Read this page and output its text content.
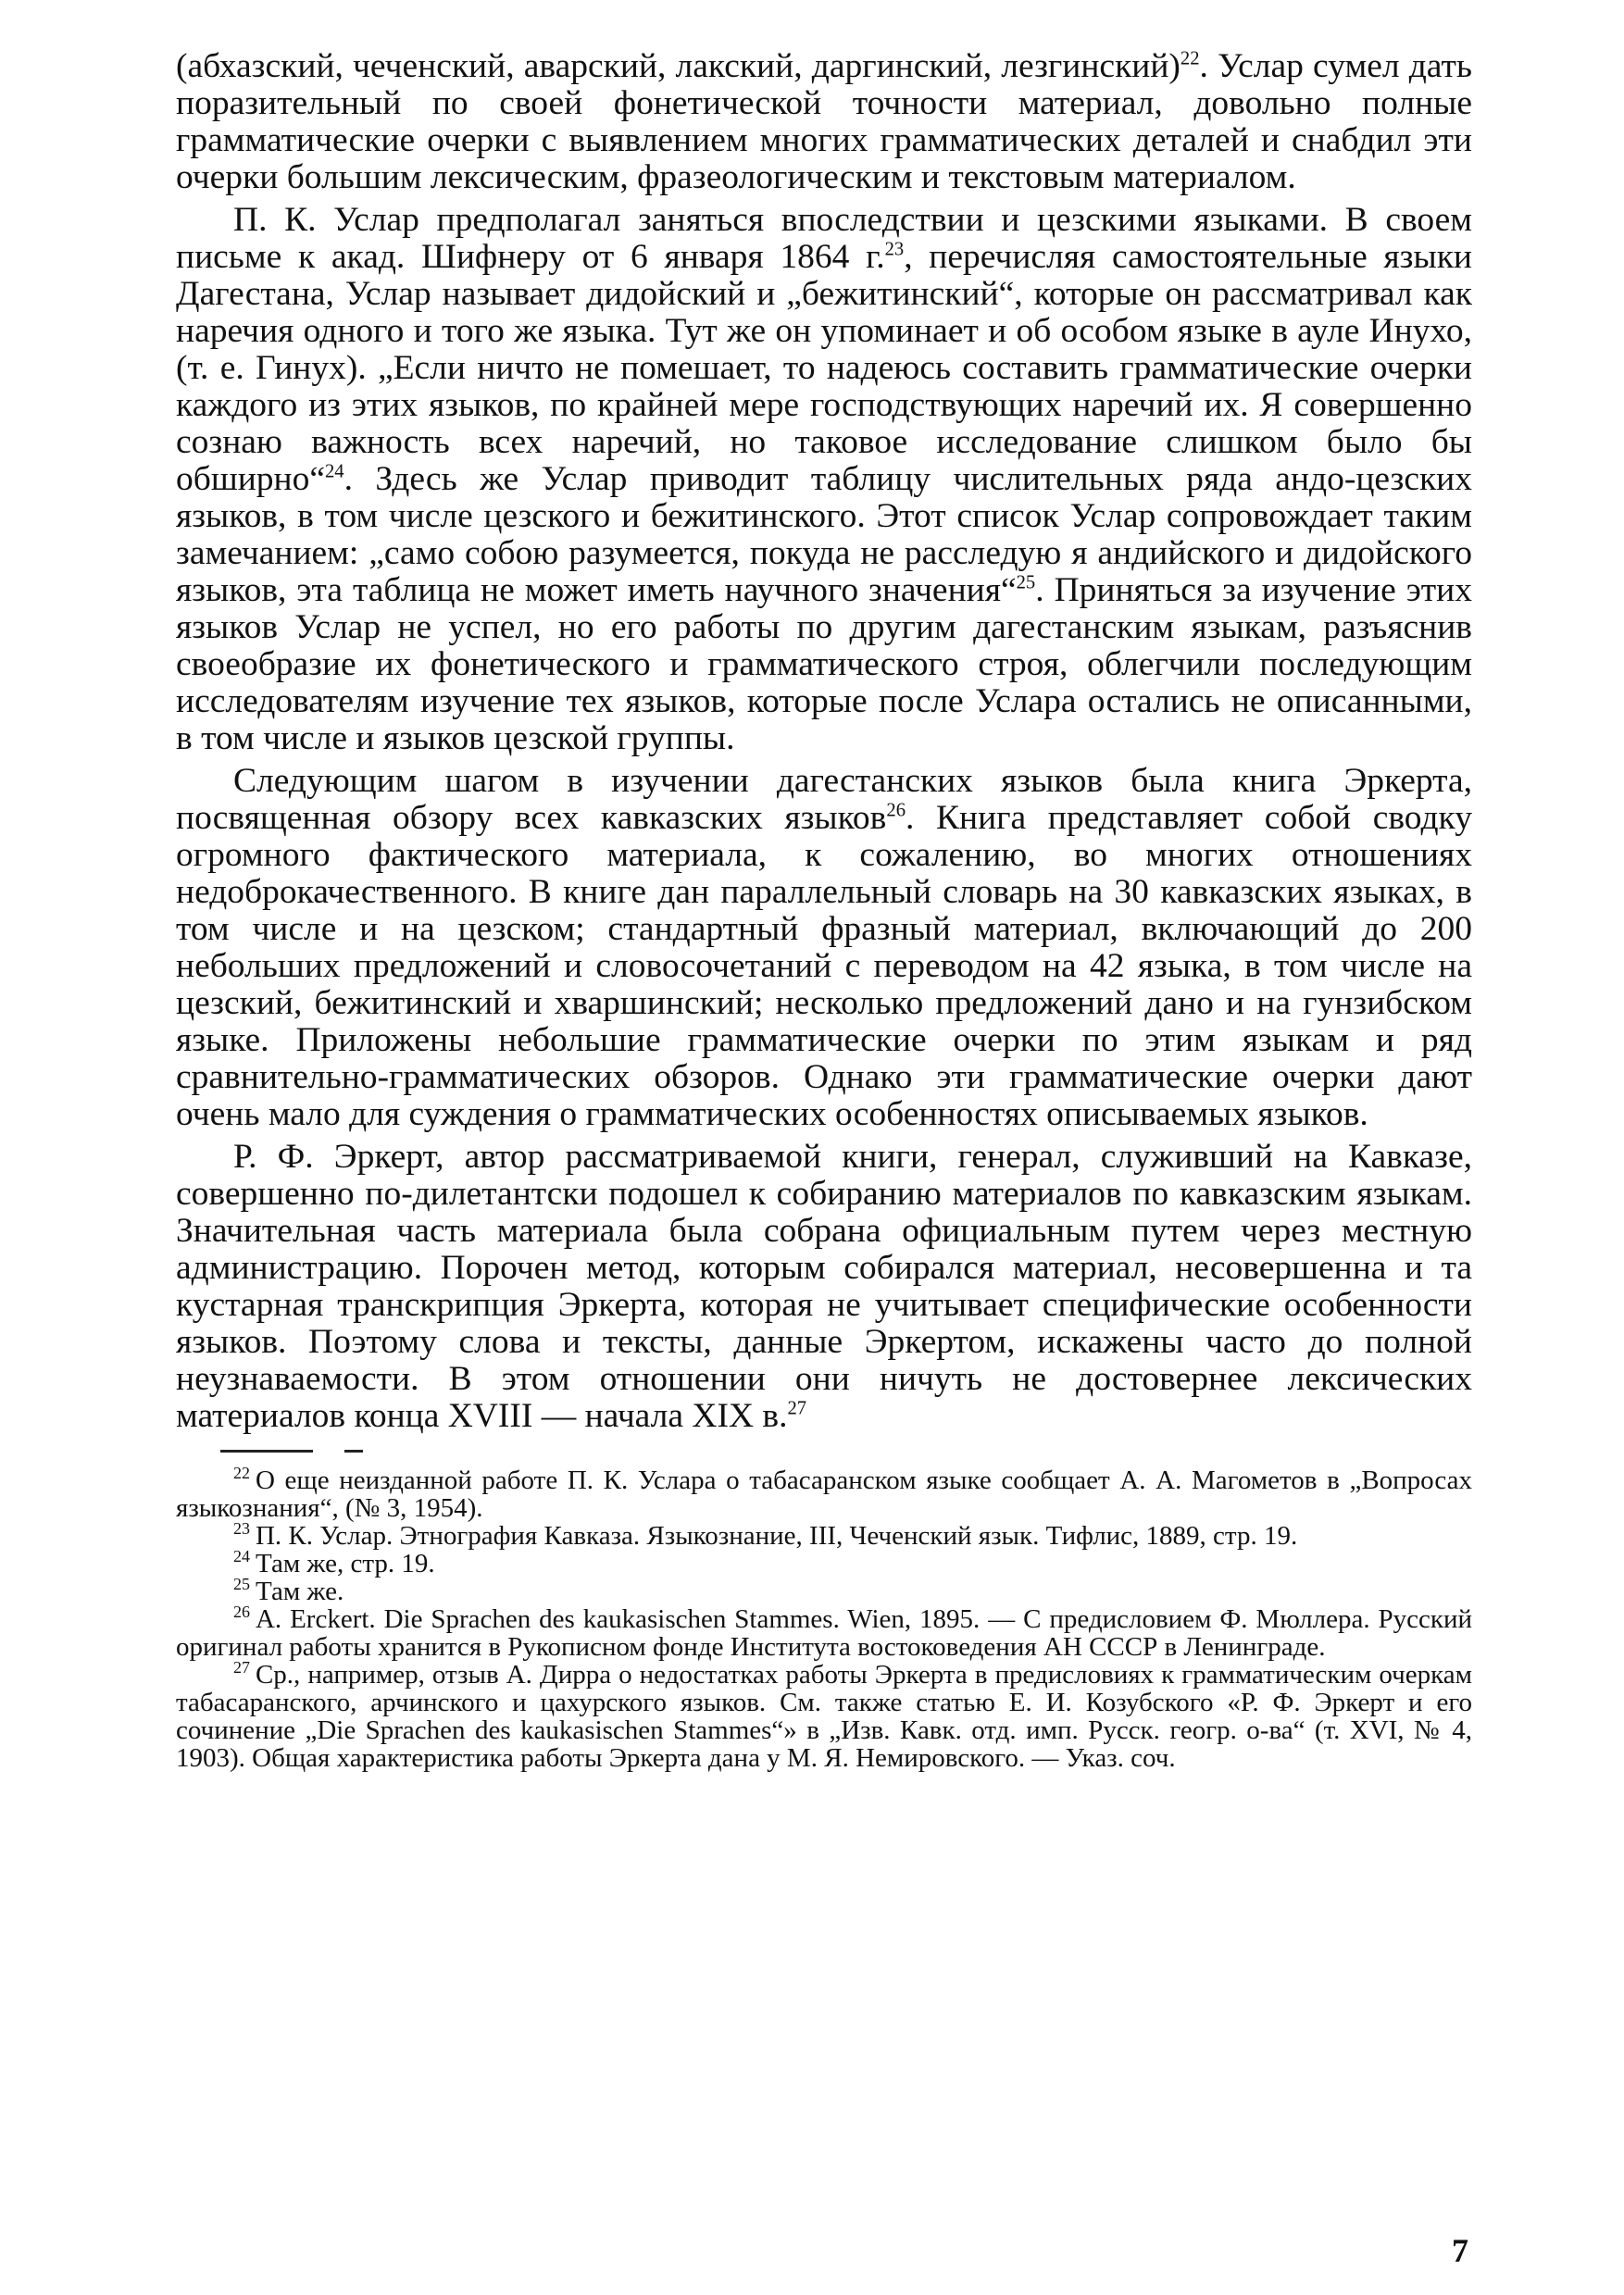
(абхазский, чеченский, аварский, лакский, даргинский, лезгинский)$^{22}$. Услар сумел дать поразительный по своей фонетической точности материал, довольно полные грамматические очерки с выявлением многих грамматических деталей и снабдил эти очерки большим лексическим, фразеологическим и текстовым материалом.

П. К. Услар предполагал заняться впоследствии и цезскими языками. В своем письме к акад. Шифнеру от 6 января 1864 г.$^{23}$, перечисляя самостоятельные языки Дагестана, Услар называет дидойский и „бежитинский“, которые он рассматривал как наречия одного и того же языка. Тут же он упоминает и об особом языке в ауле Инухо, (т. е. Гинух). „Если ничто не помешает, то надеюсь составить грамматические очерки каждого из этих языков, по крайней мере господствующих наречий их. Я совершенно сознаю важность всех наречий, но таковое исследование слишком было бы обширно“$^{24}$. Здесь же Услар приводит таблицу числительных ряда андо-цезских языков, в том числе цезского и бежитинского. Этот список Услар сопровождает таким замечанием: „само собою разумеется, покуда не расследую я андийского и дидойского языков, эта таблица не может иметь научного значения“$^{25}$. Приняться за изучение этих языков Услар не успел, но его работы по другим дагестанским языкам, разъяснив своеобразие их фонетического и грамматического строя, облегчили последующим исследователям изучение тех языков, которые после Услара остались не описанными, в том числе и языков цезской группы.

Следующим шагом в изучении дагестанских языков была книга Эркерта, посвященная обзору всех кавказских языков$^{26}$. Книга представляет собой сводку огромного фактического материала, к сожалению, во многих отношениях недоброкачественного. В книге дан параллельный словарь на 30 кавказских языках, в том числе и на цезском; стандартный фразный материал, включающий до 200 небольших предложений и словосочетаний с переводом на 42 языка, в том числе на цезский, бежитинский и хваршинский; несколько предложений дано и на гунзибском языке. Приложены небольшие грамматические очерки по этим языкам и ряд сравнительно-грамматических обзоров. Однако эти грамматические очерки дают очень мало для суждения о грамматических особенностях описываемых языков.

Р. Ф. Эркерт, автор рассматриваемой книги, генерал, служивший на Кавказе, совершенно по-дилетантски подошел к собиранию материалов по кавказским языкам. Значительная часть материала была собрана официальным путем через местную администрацию. Порочен метод, которым собирался материал, несовершенна и та кустарная транскрипция Эркерта, которая не учитывает специфические особенности языков. Поэтому слова и тексты, данные Эркертом, искажены часто до полной неузнаваемости. В этом отношении они ничуть не достовернее лексических материалов конца XVIII — начала XIX в.$^{27}$

$^{22}$ О еще неизданной работе П. К. Услара о табасаранском языке сообщает А. А. Магометов в „Вопросах языкознания“, (№ 3, 1954).

$^{23}$ П. К. Услар. Этнография Кавказа. Языкознание, III, Чеченский язык. Тифлис, 1889, стр. 19.

$^{24}$ Там же, стр. 19.

$^{25}$ Там же.

$^{26}$ A. Erckert. Die Sprachen des kaukasischen Stammes. Wien, 1895. — С предисловием Ф. Мюллера. Русский оригинал работы хранится в Рукописном фонде Института востоковедения АН СССР в Ленинграде.

$^{27}$ Ср., например, отзыв А. Дирра о недостатках работы Эркерта в предисловиях к грамматическим очеркам табасаранского, арчинского и цахурского языков. См. также статью Е. И. Козубского «Р. Ф. Эркерт и его сочинение „Die Sprachen des kaukasischen Stammes“» в „Изв. Кавк. отд. имп. Русск. геогр. о-ва“ (т. XVI, № 4, 1903). Общая характеристика работы Эркерта дана у М. Я. Немировского. — Указ. соч.

7
